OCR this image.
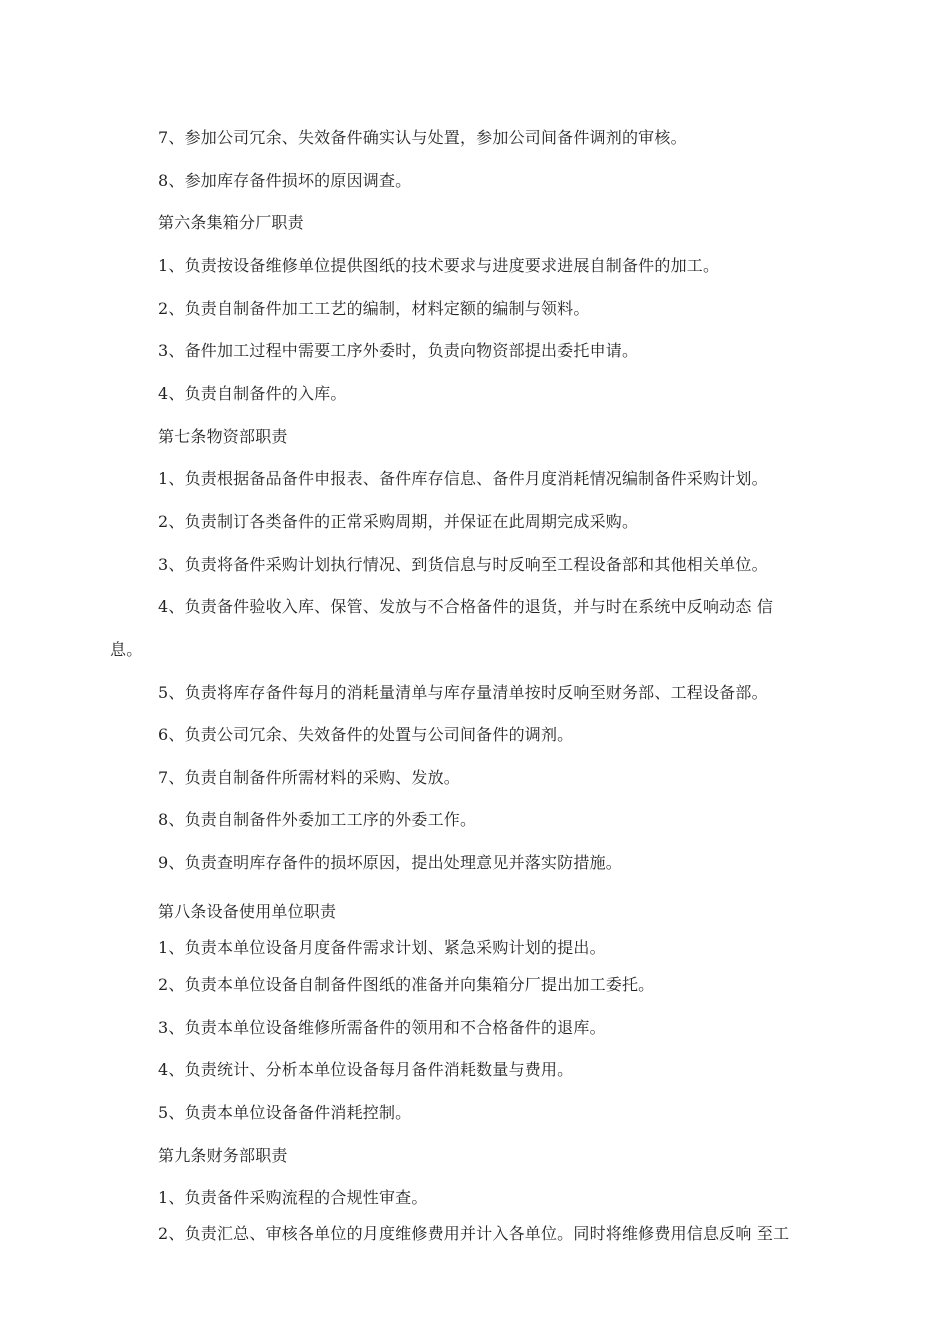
7、参加公司冗余、失效备件确实认与处置，参加公司间备件调剂的审核。
8、参加库存备件损坏的原因调查。
第六条集箱分厂职责
1、负责按设备维修单位提供图纸的技术要求与进度要求进展自制备件的加工。
2、负责自制备件加工工艺的编制，材料定额的编制与领料。
3、备件加工过程中需要工序外委时，负责向物资部提出委托申请。
4、负责自制备件的入库。
第七条物资部职责
1、负责根据备品备件申报表、备件库存信息、备件月度消耗情况编制备件采购计划。
2、负责制订各类备件的正常采购周期，并保证在此周期完成采购。
3、负责将备件采购计划执行情况、到货信息与时反响至工程设备部和其他相关单位。
4、负责备件验收入库、保管、发放与不合格备件的退货，并与时在系统中反响动态 信
息。
5、负责将库存备件每月的消耗量清单与库存量清单按时反响至财务部、工程设备部。
6、负责公司冗余、失效备件的处置与公司间备件的调剂。
7、负责自制备件所需材料的采购、发放。
8、负责自制备件外委加工工序的外委工作。
9、负责查明库存备件的损坏原因，提出处理意见并落实防措施。
第八条设备使用单位职责
1、负责本单位设备月度备件需求计划、紧急采购计划的提出。
2、负责本单位设备自制备件图纸的准备并向集箱分厂提出加工委托。
3、负责本单位设备维修所需备件的领用和不合格备件的退库。
4、负责统计、分析本单位设备每月备件消耗数量与费用。
5、负责本单位设备备件消耗控制。
第九条财务部职责
1、负责备件采购流程的合规性审查。
2、负责汇总、审核各单位的月度维修费用并计入各单位。同时将维修费用信息反响 至工
